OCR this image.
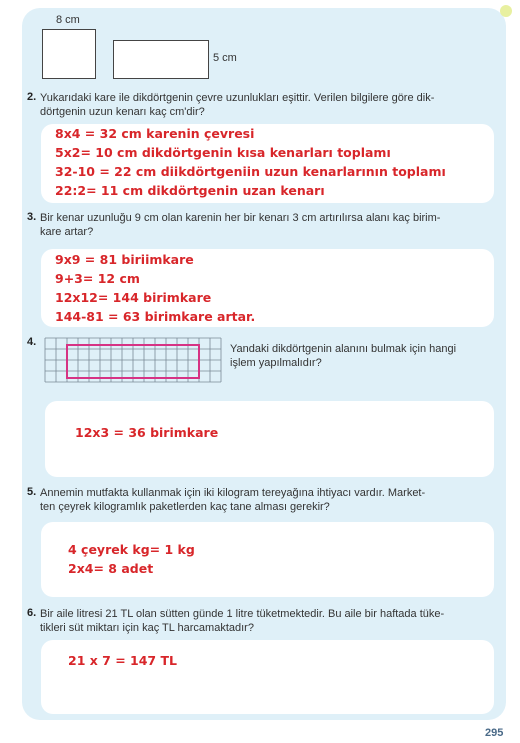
8 cm
5 cm
2. Yukarıdaki kare ile dikdörtgenin çevre uzunlukları eşittir. Verilen bilgilere göre dik-
dörtgenin uzun kenarı kaç cm'dir?
8x4 = 32 cm karenin çevresi
5x2= 10 cm dikdörtgenin kısa kenarları toplamı
32-10 = 22 cm diikdörtgeniin uzun kenarlarının toplamı
22:2= 11 cm dikdörtgenin uzan kenarı
3. Bir kenar uzunluğu 9 cm olan karenin her bir kenarı 3 cm artırılırsa alanı kaç birim-
kare artar?
9x9 = 81 biriimkare
9+3= 12 cm
12x12= 144 birimkare
144-81 = 63 birimkare artar.
4.
Yandaki dikdörtgenin alanını bulmak için hangi
işlem yapılmalıdır?
12x3 = 36 birimkare
5. Annemin mutfakta kullanmak için iki kilogram tereyağına ihtiyacı vardır. Market-
ten çeyrek kilogramlık paketlerden kaç tane alması gerekir?
4 çeyrek kg= 1 kg
2x4= 8 adet
6. Bir aile litresi 21 TL olan sütten günde 1 litre tüketmektedir. Bu aile bir haftada tüke-
tikleri süt miktarı için kaç TL harcamaktadır?
21 x 7 = 147 TL
295
